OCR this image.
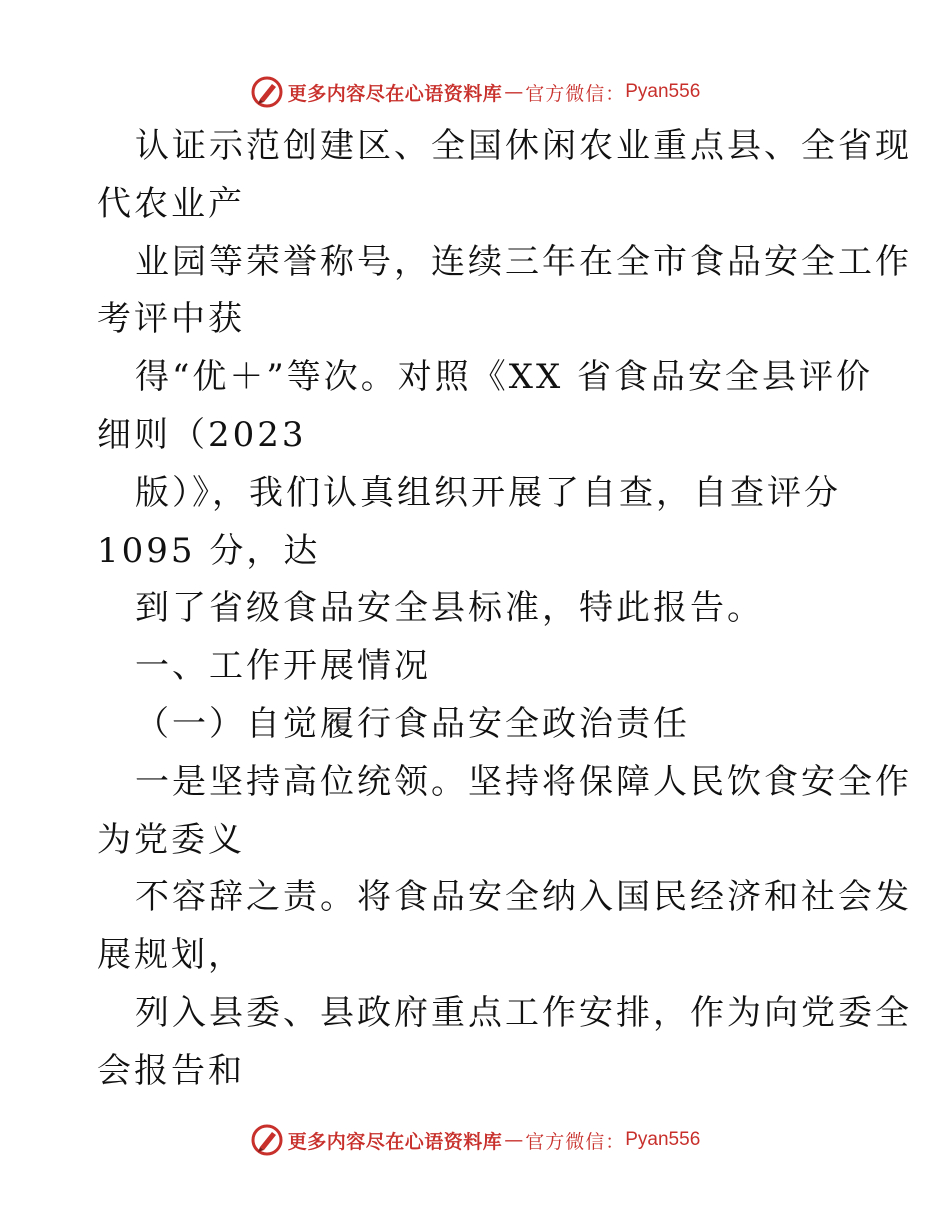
更多内容尽在心语资料库 — 官方微信： Pyan556
认证示范创建区、全国休闲农业重点县、全省现
代农业产
业园等荣誉称号，连续三年在全市食品安全工作
考评中获
得“优＋”等次。对照《XX 省食品安全县评价
细则（2023
版）》，我们认真组织开展了自查，自查评分
1095 分，达
到了省级食品安全县标准，特此报告。
一、工作开展情况
（一）自觉履行食品安全政治责任
一是坚持高位统领。坚持将保障人民饮食安全作
为党委义
不容辞之责。将食品安全纳入国民经济和社会发
展规划，
列入县委、县政府重点工作安排，作为向党委全
会报告和
更多内容尽在心语资料库 — 官方微信： Pyan556
